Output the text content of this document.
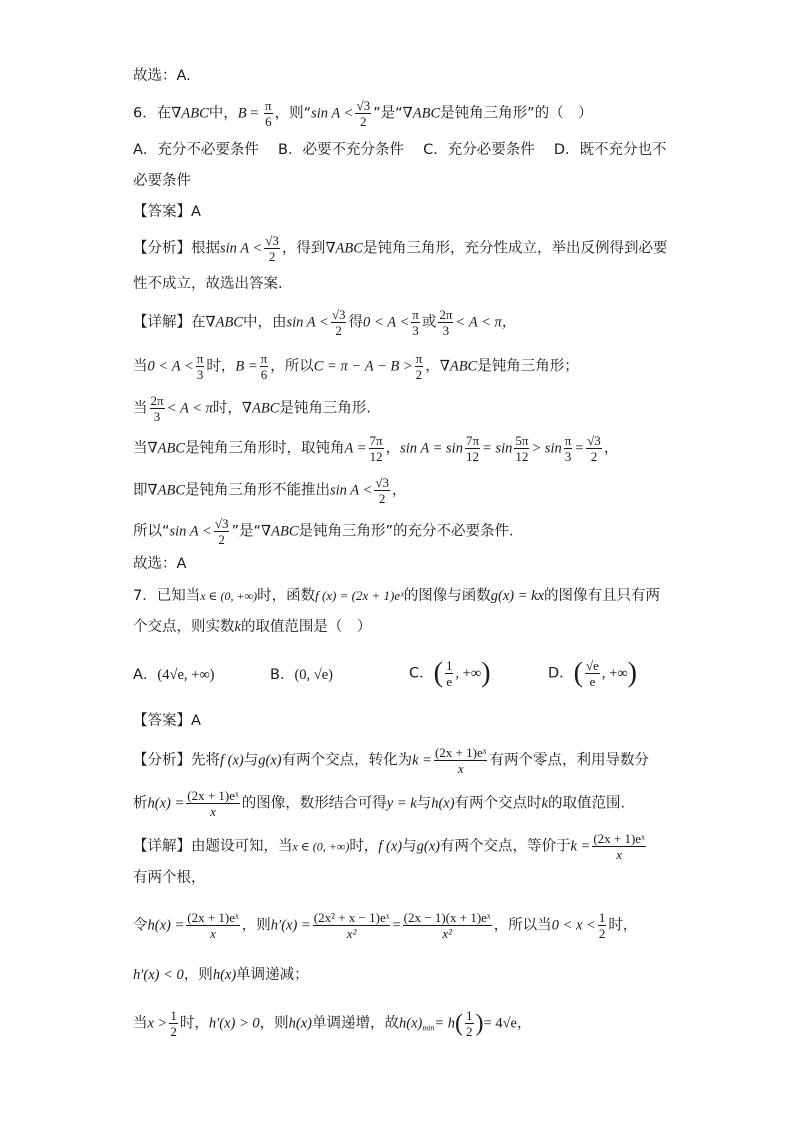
故选：A.
6．在∇ABC中，$B = \frac{\pi}{6}$ ，则“sin $A < \frac{√3}{2}$ ”是“∇ABC是钝角三角形”的（　）
A．充分不必要条件　 B．必要不充分条件　 C．充分必要条件　 D．既不充分也不
必要条件
【答案】A
【分析】根据$\sin A < \frac{√3}{2}$ ，得到∇ABC是钝角三角形，充分性成立，举出反例得到必要
性不成立，故选出答案.
【详解】在∇ABC中，由$\sin A < \frac{√3}{2}$ 得$0 < A < \frac{\pi}{3}$ 或 $\frac{2\pi}{3} < A < \pi$，
当$0 < A < \frac{\pi}{3}$ 时，$B = \frac{\pi}{6}$ ，所以$C = \pi - A - B > \frac{\pi}{2}$ ，∇ABC是钝角三角形；
当 $\frac{2\pi}{3} < A < \pi$时，∇ABC是钝角三角形.
当∇ABC是钝角三角形时，取钝角$A = \frac{7\pi}{12}$ ，$\sin A = \sin \frac{7\pi}{12} = \sin \frac{5\pi}{12} > \sin \frac{\pi}{3} = \frac{√3}{2}$ ，
即∇ABC是钝角三角形不能推出$\sin A < \frac{√3}{2}$ ，
所以“sin $A < \frac{√3}{2}$ ”是“∇ABC是钝角三角形”的充分不必要条件.
故选：A
7．已知当x ∈ (0, +∞)时，函数f (x) = (2x + 1)eˣ的图像与函数g(x) = kx的图像有且只有两
个交点，则实数k的取值范围是（　）
A．(4√e, +∞)	B．(0, √e)	C．( $\frac{1}{e}$ , +∞)	D．( $\frac{√e}{e}$ , +∞)
【答案】A
【分析】先将f (x)与g(x)有两个交点，转化为$k = \frac{\text{(2x + 1)eˣ}}{x}$ 有两个零点，利用导数分
析$h(x) = \frac{\text{(2x + 1)eˣ}}{x}$ 的图像，数形结合可得y = k与h(x)有两个交点时k的取值范围.
【详解】由题设可知，当x ∈ (0, +∞)时，f (x)与g(x)有两个交点，等价于$k = \frac{\text{(2x + 1)eˣ}}{x}$
有两个根，
令$h(x) = \frac{\text{(2x + 1)eˣ}}{x}$ ，则$h'(x) = \frac{\text{(2x² + x − 1)eˣ}}{\text{x²}} = \frac{\text{(2x − 1)(x + 1)eˣ}}{\text{x²}}$ ，所以当$0 < x < \frac{1}{2}$ 时，
h′(x) < 0，则h(x)单调递减；
当$x > \frac{1}{2}$ 时，h′(x) > 0，则h(x)单调递增，故$h(x)_{min}= h( \frac{1}{2}$ )= 4√e，
